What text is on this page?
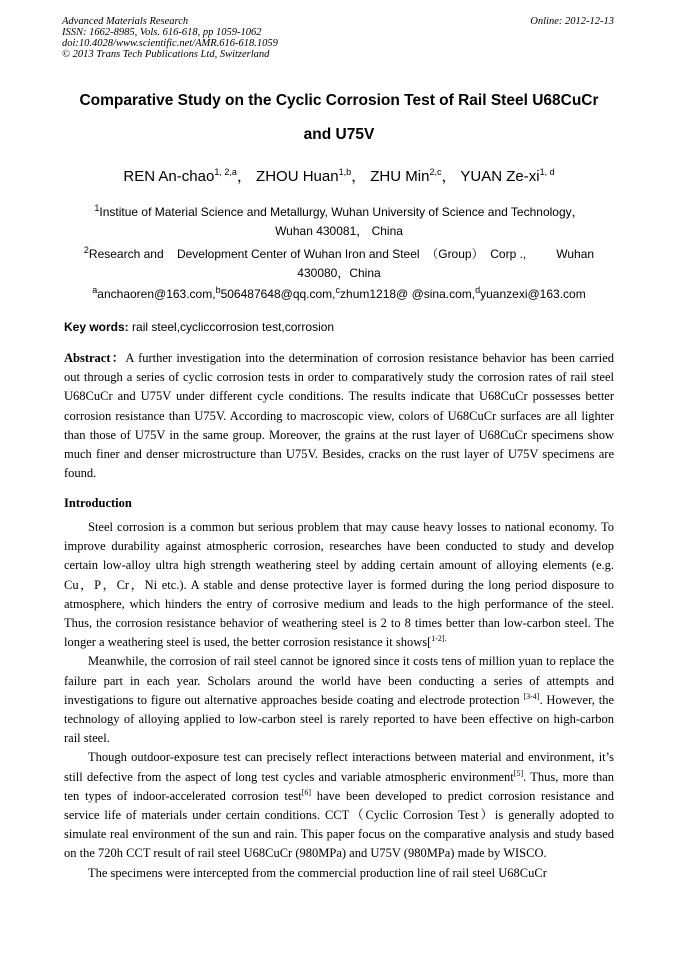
Advanced Materials Research
ISSN: 1662-8985, Vols. 616-618, pp 1059-1062
doi:10.4028/www.scientific.net/AMR.616-618.1059
© 2013 Trans Tech Publications Ltd, Switzerland
Online: 2012-12-13
Comparative Study on the Cyclic Corrosion Test of Rail Steel U68CuCr
and U75V
REN An-chao$^{1, 2,a}$， ZHOU Huan$^{1,b}$， ZHU Min$^{2,c}$， YUAN Ze-xi$^{1, d}$
$^1$Institue of Material Science and Metallurgy, Wuhan University of Science and Technology，
Wuhan 430081， China
$^2$Research and    Development Center of Wuhan Iron and Steel  （Group）  Corp .,         Wuhan
430080，China
$^a$anchaoren@163.com,$^b$506487648@qq.com,$^c$zhum1218@ @sina.com,$^d$yuanzexi@163.com
Key words: rail steel,cycliccorrosion test,corrosion

Abstract：A further investigation into the determination of corrosion resistance behavior has been carried out through a series of cyclic corrosion tests in order to comparatively study the corrosion rates of rail steel U68CuCr and U75V under different cycle conditions. The results indicate that U68CuCr possesses better corrosion resistance than U75V. According to macroscopic view, colors of U68CuCr surfaces are all lighter than those of U75V in the same group. Moreover, the grains at the rust layer of U68CuCr specimens show much finer and denser microstructure than U75V. Besides, cracks on the rust layer of U75V specimens are found.

Introduction

Steel corrosion is a common but serious problem that may cause heavy losses to national economy. To improve durability against atmospheric corrosion, researches have been conducted to study and develop certain low-alloy ultra high strength weathering steel by adding certain amount of alloying elements (e.g. Cu，P，Cr，Ni etc.). A stable and dense protective layer is formed during the long period disposure to atmosphere, which hinders the entry of corrosive medium and leads to the high performance of the steel. Thus, the corrosion resistance behavior of weathering steel is 2 to 8 times better than low-carbon steel. The longer a weathering steel is used, the better corrosion resistance it shows[$^{1-2].}$

Meanwhile, the corrosion of rail steel cannot be ignored since it costs tens of million yuan to replace the failure part in each year. Scholars around the world have been conducting a series of attempts and investigations to figure out alternative approaches beside coating and electrode protection [3-4]. However, the technology of alloying applied to low-carbon steel is rarely reported to have been effective on high-carbon rail steel.

Though outdoor-exposure test can precisely reflect interactions between material and environment, it’s still defective from the aspect of long test cycles and variable atmospheric environment[5]. Thus, more than ten types of indoor-accelerated corrosion test[6] have been developed to predict corrosion resistance and service life of materials under certain conditions. CCT（Cyclic Corrosion Test）is generally adopted to simulate real environment of the sun and rain. This paper focus on the comparative analysis and study based on the 720h CCT result of rail steel U68CuCr (980MPa) and U75V (980MPa) made by WISCO.

The specimens were intercepted from the commercial production line of rail steel U68CuCr
